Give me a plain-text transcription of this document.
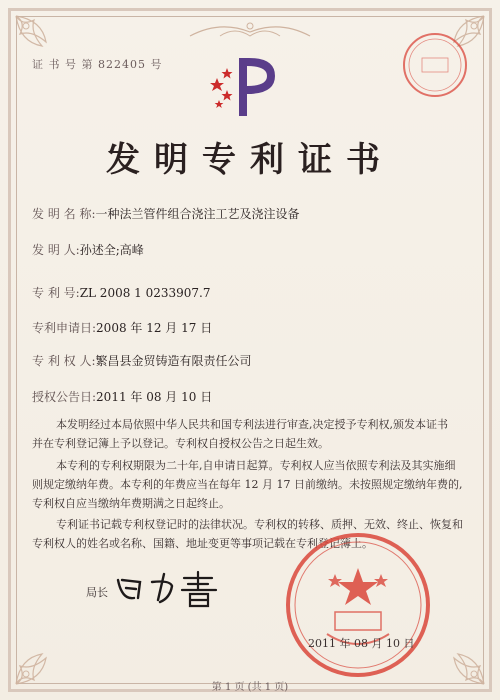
证 书 号 第 822405 号
发明专利证书
发 明 名 称:一种法兰管件组合浇注工艺及浇注设备
发 明 人:孙述全;高峰
专 利 号:ZL 2008 1 0233907.7
专利申请日:2008 年 12 月 17 日
专 利 权 人:繁昌县金贸铸造有限责任公司
授权公告日:2011 年 08 月 10 日
本发明经过本局依照中华人民共和国专利法进行审查,决定授予专利权,颁发本证书
并在专利登记簿上予以登记。专利权自授权公告之日起生效。
本专利的专利权期限为二十年,自申请日起算。专利权人应当依照专利法及其实施细
则规定缴纳年费。本专利的年费应当在每年 12 月 17 日前缴纳。未按照规定缴纳年费的,
专利权自应当缴纳年费期满之日起终止。
专利证书记载专利权登记时的法律状况。专利权的转移、质押、无效、终止、恢复和
专利权人的姓名或名称、国籍、地址变更等事项记载在专利登记簿上。
局长
2011 年 08 月 10 日
第 1 页 (共 1 页)
